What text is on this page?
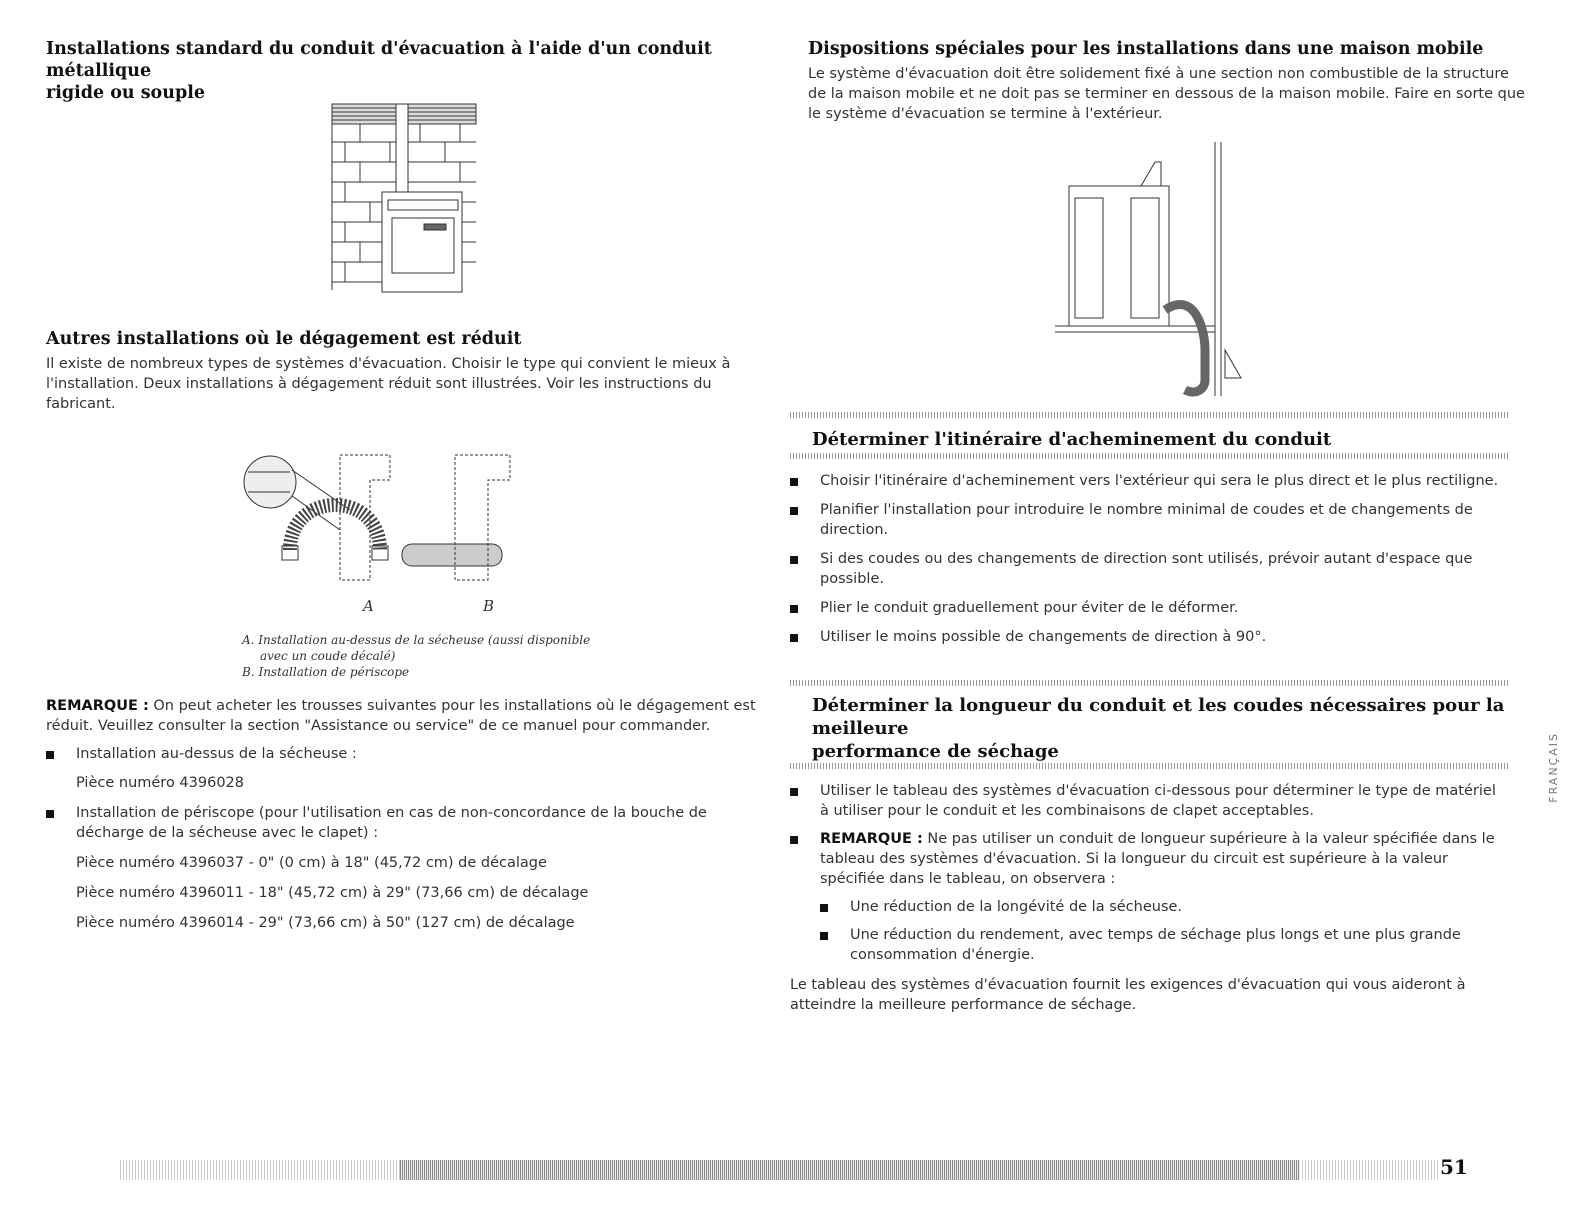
Installations standard du conduit d'évacuation à l'aide d'un conduit métallique
rigide ou souple
Autres installations où le dégagement est réduit

Il existe de nombreux types de systèmes d'évacuation. Choisir le type qui convient le mieux à l'installation. Deux installations à dégagement réduit sont illustrées. Voir les instructions du fabricant.

A	B
A. Installation au-dessus de la sécheuse (aussi disponible
avec un coude décalé)
B. Installation de périscope

REMARQUE : On peut acheter les trousses suivantes pour les installations où le dégagement est réduit. Veuillez consulter la section "Assistance ou service" de ce manuel pour commander.

Installation au-dessus de la sécheuse :
Pièce numéro 4396028
Installation de périscope (pour l'utilisation en cas de non-concordance de la bouche de décharge de la sécheuse avec le clapet) :
Pièce numéro 4396037 - 0" (0 cm) à 18" (45,72 cm) de décalage
Pièce numéro 4396011 - 18" (45,72 cm) à 29" (73,66 cm) de décalage
Pièce numéro 4396014 - 29" (73,66 cm) à 50" (127 cm) de décalage
Dispositions spéciales pour les installations dans une maison mobile

Le système d'évacuation doit être solidement fixé à une section non combustible de la structure de la maison mobile et ne doit pas se terminer en dessous de la maison mobile. Faire en sorte que le système d'évacuation se termine à l'extérieur.

Déterminer l'itinéraire d'acheminement du conduit
Choisir l'itinéraire d'acheminement vers l'extérieur qui sera le plus direct et le plus rectiligne.
Planifier l'installation pour introduire le nombre minimal de coudes et de changements de direction.
Si des coudes ou des changements de direction sont utilisés, prévoir autant d'espace que possible.
Plier le conduit graduellement pour éviter de le déformer.
Utiliser le moins possible de changements de direction à 90°.
Déterminer la longueur du conduit et les coudes nécessaires pour la meilleure
performance de séchage
Utiliser le tableau des systèmes d'évacuation ci-dessous pour déterminer le type de matériel à utiliser pour le conduit et les combinaisons de clapet acceptables.
REMARQUE : Ne pas utiliser un conduit de longueur supérieure à la valeur spécifiée dans le tableau des systèmes d'évacuation. Si la longueur du circuit est supérieure à la valeur spécifiée dans le tableau, on observera :
Une réduction de la longévité de la sécheuse.
Une réduction du rendement, avec temps de séchage plus longs et une plus grande consommation d'énergie.

Le tableau des systèmes d'évacuation fournit les exigences d'évacuation qui vous aideront à atteindre la meilleure performance de séchage.

FRANÇAIS
51
